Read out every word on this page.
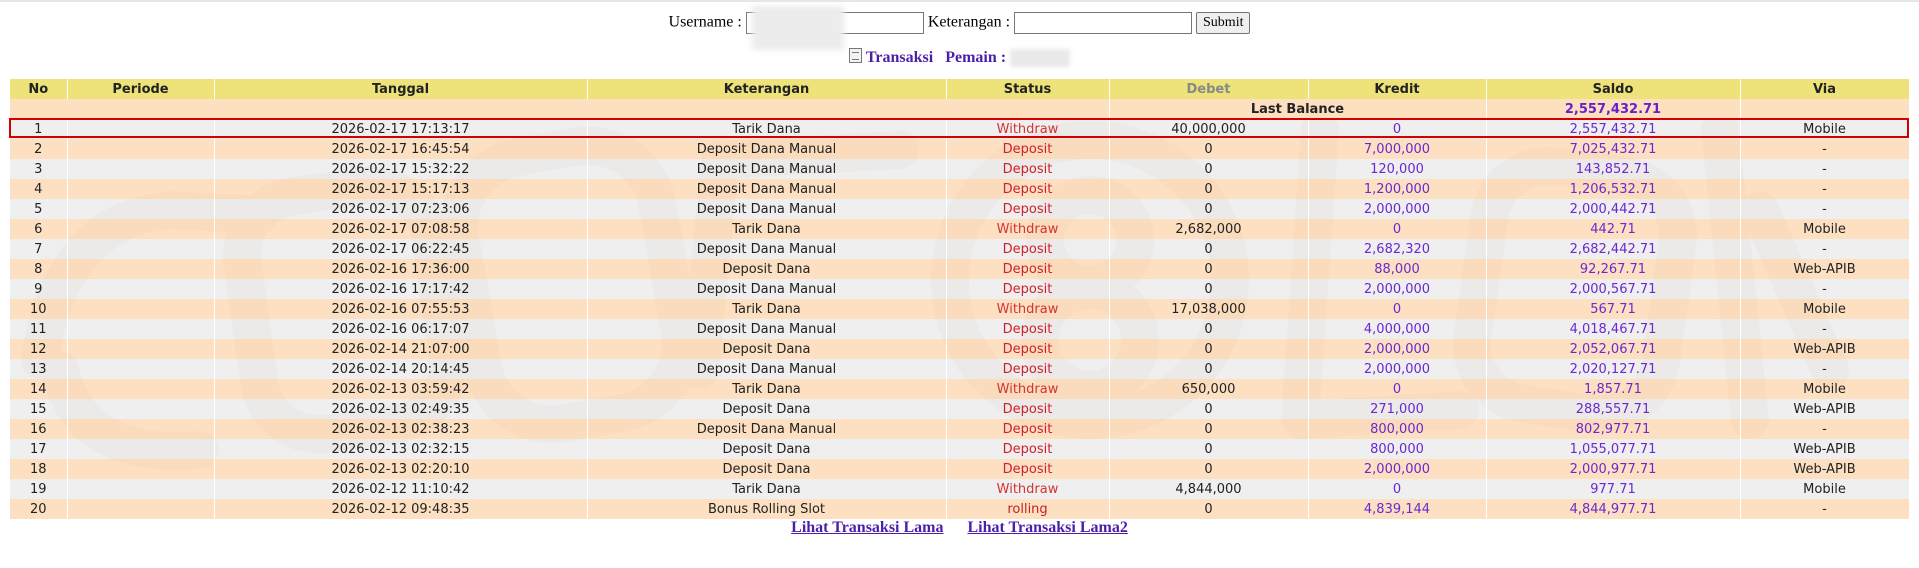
Username :	Keterangan :	Submit
Transaksi Pemain :
No	Periode	Tanggal	Keterangan	Status	Debet	Kredit	Saldo	Via
					Last Balance		2,557,432.71	
1		2026-02-17 17:13:17	Tarik Dana	Withdraw	40,000,000	0	2,557,432.71	Mobile
2		2026-02-17 16:45:54	Deposit Dana Manual	Deposit	0	7,000,000	7,025,432.71	-
3		2026-02-17 15:32:22	Deposit Dana Manual	Deposit	0	120,000	143,852.71	-
4		2026-02-17 15:17:13	Deposit Dana Manual	Deposit	0	1,200,000	1,206,532.71	-
5		2026-02-17 07:23:06	Deposit Dana Manual	Deposit	0	2,000,000	2,000,442.71	-
6		2026-02-17 07:08:58	Tarik Dana	Withdraw	2,682,000	0	442.71	Mobile
7		2026-02-17 06:22:45	Deposit Dana Manual	Deposit	0	2,682,320	2,682,442.71	-
8		2026-02-16 17:36:00	Deposit Dana	Deposit	0	88,000	92,267.71	Web-APIB
9		2026-02-16 17:17:42	Deposit Dana Manual	Deposit	0	2,000,000	2,000,567.71	-
10		2026-02-16 07:55:53	Tarik Dana	Withdraw	17,038,000	0	567.71	Mobile
11		2026-02-16 06:17:07	Deposit Dana Manual	Deposit	0	4,000,000	4,018,467.71	-
12		2026-02-14 21:07:00	Deposit Dana	Deposit	0	2,000,000	2,052,067.71	Web-APIB
13		2026-02-14 20:14:45	Deposit Dana Manual	Deposit	0	2,000,000	2,020,127.71	-
14		2026-02-13 03:59:42	Tarik Dana	Withdraw	650,000	0	1,857.71	Mobile
15		2026-02-13 02:49:35	Deposit Dana	Deposit	0	271,000	288,557.71	Web-APIB
16		2026-02-13 02:38:23	Deposit Dana Manual	Deposit	0	800,000	802,977.71	-
17		2026-02-13 02:32:15	Deposit Dana	Deposit	0	800,000	1,055,077.71	Web-APIB
18		2026-02-13 02:20:10	Deposit Dana	Deposit	0	2,000,000	2,000,977.71	Web-APIB
19		2026-02-12 11:10:42	Tarik Dana	Withdraw	4,844,000	0	977.71	Mobile
20		2026-02-12 09:48:35	Bonus Rolling Slot	rolling	0	4,839,144	4,844,977.71	-
Lihat Transaksi Lama Lihat Transaksi Lama2
